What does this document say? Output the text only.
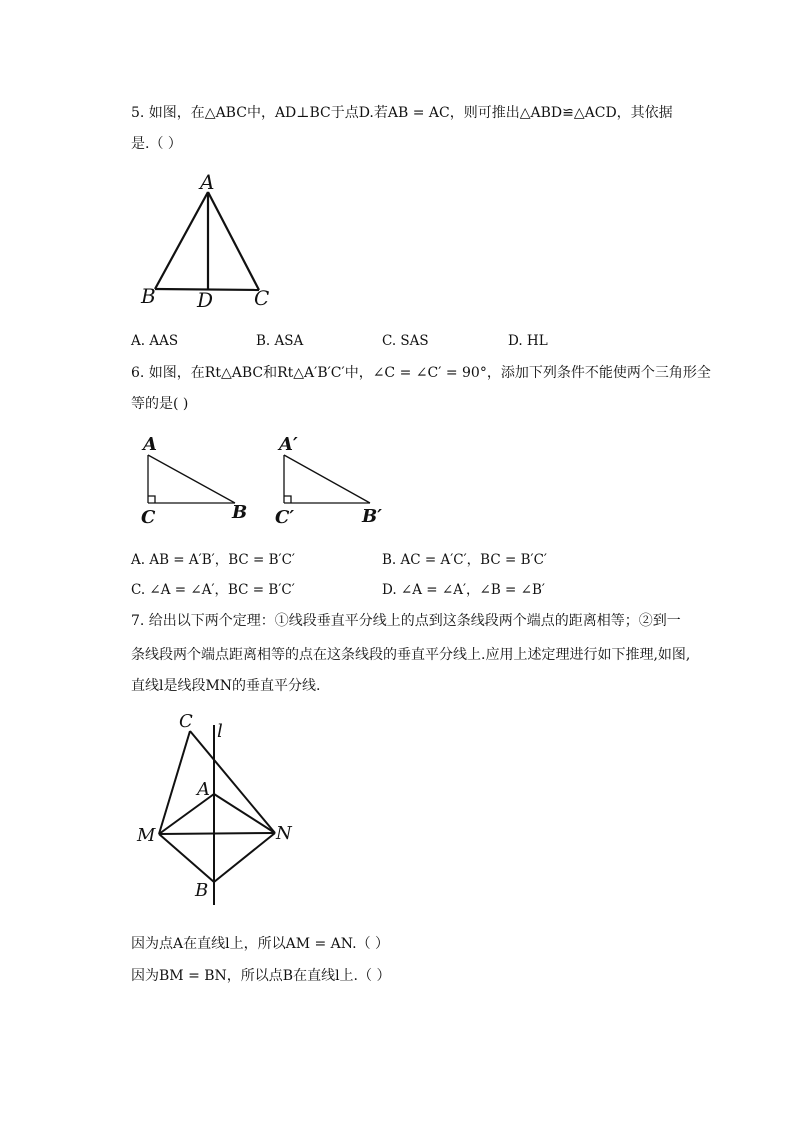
5. 如图，在△ABC中，AD⊥BC于点D.若AB = AC，则可推出△ABD≌△ACD，其依据
是.（ ）
A
B D C
A. AAS	B. ASA	C. SAS	D. HL
6. 如图，在Rt△ABC和Rt△A′B′C′中，∠C = ∠C′ = 90°，添加下列条件不能使两个三角形全
等的是( )
A
C	B
A′
C′	B′
A. AB = A′B′，BC = B′C′	B. AC = A′C′，BC = B′C′
C. ∠A = ∠A′，BC = B′C′	D. ∠A = ∠A′，∠B = ∠B′
7. 给出以下两个定理：①线段垂直平分线上的点到这条线段两个端点的距离相等；②到一
条线段两个端点距离相等的点在这条线段的垂直平分线上.应用上述定理进行如下推理,如图,
直线l是线段MN的垂直平分线.
C l
A
M	N
B
因为点A在直线l上，所以AM = AN.（ ）
因为BM = BN，所以点B在直线l上.（ ）
